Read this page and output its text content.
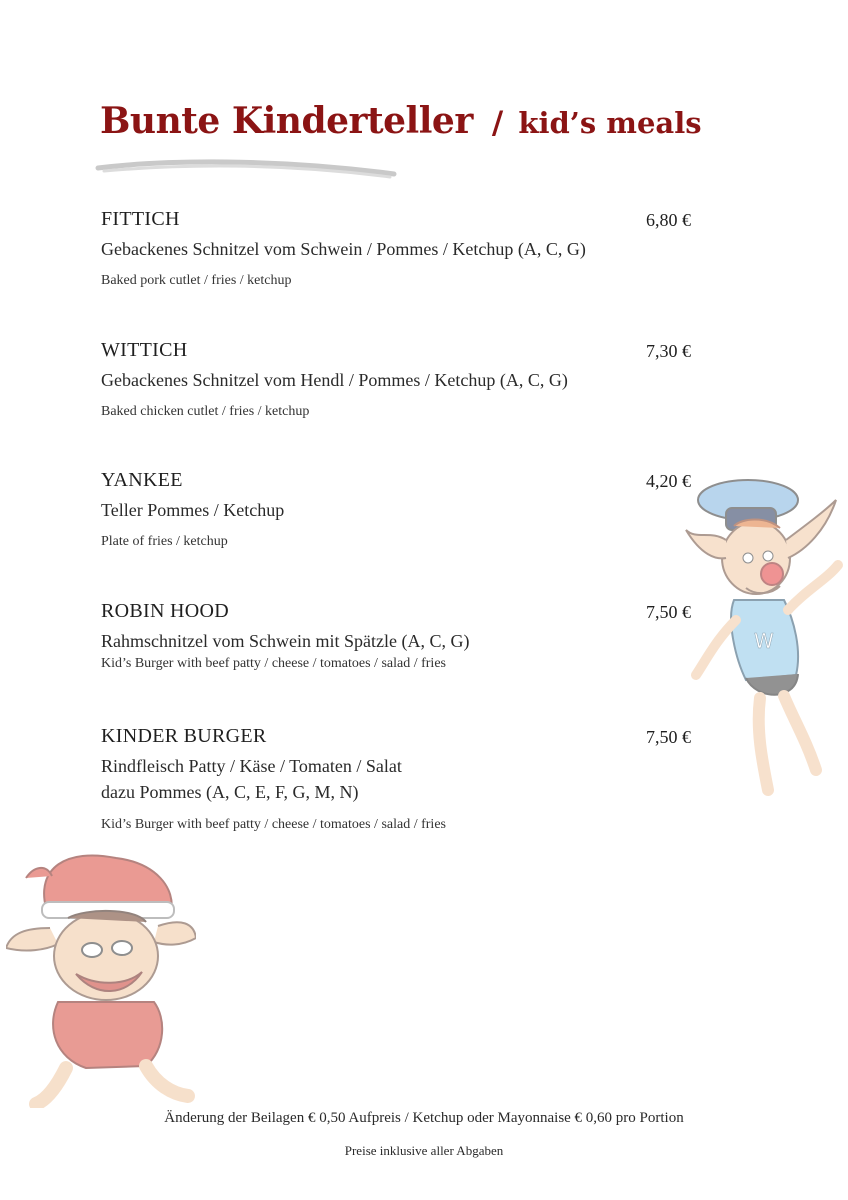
Bunte Kinderteller / kid’s meals
FITTICH	6,80 €
Gebackenes Schnitzel vom Schwein / Pommes / Ketchup (A, C, G)
Baked pork cutlet / fries / ketchup
WITTICH	7,30 €
Gebackenes Schnitzel vom Hendl / Pommes / Ketchup (A, C, G)
Baked chicken cutlet / fries / ketchup
YANKEE	4,20 €
Teller Pommes / Ketchup
Plate of fries / ketchup
ROBIN HOOD	7,50 €
Rahmschnitzel vom Schwein mit Spätzle (A, C, G)
Kid’s Burger with beef patty / cheese / tomatoes / salad / fries
KINDER BURGER	7,50 €
Rindfleisch Patty / Käse / Tomaten / Salat
dazu Pommes (A, C, E, F, G, M, N)
Kid’s Burger with beef patty / cheese / tomatoes / salad / fries
W
Änderung der Beilagen € 0,50 Aufpreis / Ketchup oder Mayonnaise € 0,60 pro Portion
Preise inklusive aller Abgaben
